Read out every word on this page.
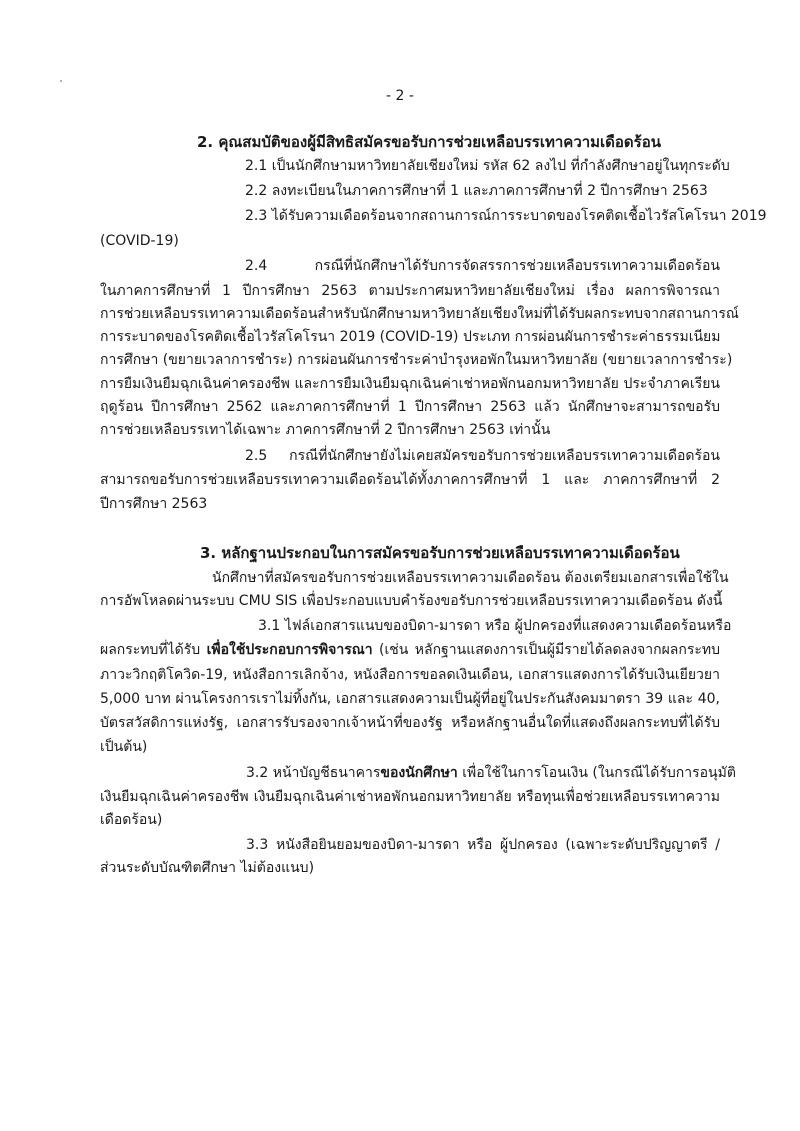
- 2 -
2. คุณสมบัติของผู้มีสิทธิสมัครขอรับการช่วยเหลือบรรเทาความเดือดร้อน
2.1 เป็นนักศึกษามหาวิทยาลัยเชียงใหม่ รหัส 62 ลงไป ที่กำลังศึกษาอยู่ในทุกระดับ
2.2 ลงทะเบียนในภาคการศึกษาที่ 1 และภาคการศึกษาที่ 2 ปีการศึกษา 2563
2.3 ได้รับความเดือดร้อนจากสถานการณ์การระบาดของโรคติดเชื้อไวรัสโคโรนา 2019
(COVID-19)
2.4 กรณีที่นักศึกษาได้รับการจัดสรรการช่วยเหลือบรรเทาความเดือดร้อน
ในภาคการศึกษาที่ 1 ปีการศึกษา 2563 ตามประกาศมหาวิทยาลัยเชียงใหม่ เรื่อง ผลการพิจารณา
การช่วยเหลือบรรเทาความเดือดร้อนสำหรับนักศึกษามหาวิทยาลัยเชียงใหม่ที่ได้รับผลกระทบจากสถานการณ์
การระบาดของโรคติดเชื้อไวรัสโคโรนา 2019 (COVID-19) ประเภท การผ่อนผันการชำระค่าธรรมเนียม
การศึกษา (ขยายเวลาการชำระ) การผ่อนผันการชำระค่าบำรุงหอพักในมหาวิทยาลัย (ขยายเวลาการชำระ)
การยืมเงินยืมฉุกเฉินค่าครองชีพ และการยืมเงินยืมฉุกเฉินค่าเช่าหอพักนอกมหาวิทยาลัย ประจำภาคเรียน
ฤดูร้อน ปีการศึกษา 2562 และภาคการศึกษาที่ 1 ปีการศึกษา 2563 แล้ว นักศึกษาจะสามารถขอรับ
การช่วยเหลือบรรเทาได้เฉพาะ ภาคการศึกษาที่ 2 ปีการศึกษา 2563 เท่านั้น
2.5 กรณีที่นักศึกษายังไม่เคยสมัครขอรับการช่วยเหลือบรรเทาความเดือดร้อน
สามารถขอรับการช่วยเหลือบรรเทาความเดือดร้อนได้ทั้งภาคการศึกษาที่ 1 และ ภาคการศึกษาที่ 2
ปีการศึกษา 2563
3. หลักฐานประกอบในการสมัครขอรับการช่วยเหลือบรรเทาความเดือดร้อน
นักศึกษาที่สมัครขอรับการช่วยเหลือบรรเทาความเดือดร้อน ต้องเตรียมเอกสารเพื่อใช้ใน
การอัพโหลดผ่านระบบ CMU SIS เพื่อประกอบแบบคำร้องขอรับการช่วยเหลือบรรเทาความเดือดร้อน ดังนี้
3.1 ไฟล์เอกสารแนบของบิดา-มารดา หรือ ผู้ปกครองที่แสดงความเดือดร้อนหรือ
ผลกระทบที่ได้รับ เพื่อใช้ประกอบการพิจารณา (เช่น หลักฐานแสดงการเป็นผู้มีรายได้ลดลงจากผลกระทบ
ภาวะวิกฤติโควิด-19, หนังสือการเลิกจ้าง, หนังสือการขอลดเงินเดือน, เอกสารแสดงการได้รับเงินเยียวยา
5,000 บาท ผ่านโครงการเราไม่ทิ้งกัน, เอกสารแสดงความเป็นผู้ที่อยู่ในประกันสังคมมาตรา 39 และ 40,
บัตรสวัสดิการแห่งรัฐ, เอกสารรับรองจากเจ้าหน้าที่ของรัฐ หรือหลักฐานอื่นใดที่แสดงถึงผลกระทบที่ได้รับ
เป็นต้น)
3.2 หน้าบัญชีธนาคารของนักศึกษา เพื่อใช้ในการโอนเงิน (ในกรณีได้รับการอนุมัติ
เงินยืมฉุกเฉินค่าครองชีพ เงินยืมฉุกเฉินค่าเช่าหอพักนอกมหาวิทยาลัย หรือทุนเพื่อช่วยเหลือบรรเทาความ
เดือดร้อน)
3.3 หนังสือยินยอมของบิดา-มารดา หรือ ผู้ปกครอง (เฉพาะระดับปริญญาตรี /
ส่วนระดับบัณฑิตศึกษา ไม่ต้องแนบ)
